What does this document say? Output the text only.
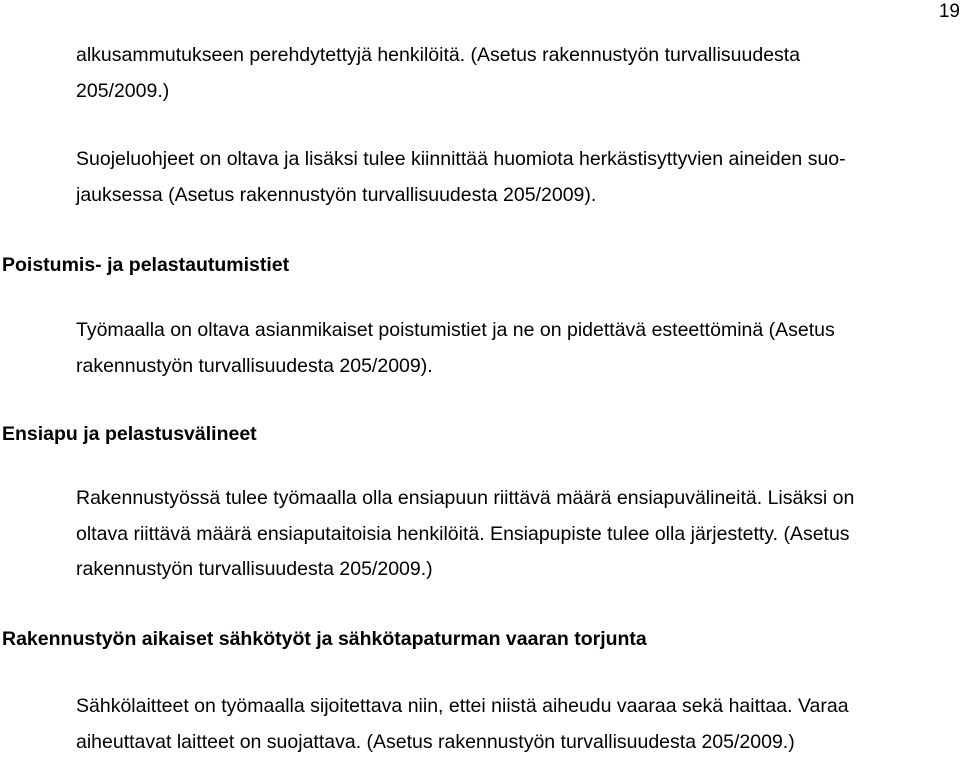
19

alkusammutukseen perehdytettyjä henkilöitä. (Asetus rakennustyön turvallisuudesta
205/2009.)

Suojeluohjeet on oltava ja lisäksi tulee kiinnittää huomiota herkästisyttyvien aineiden suo-
jauksessa (Asetus rakennustyön turvallisuudesta 205/2009).

Poistumis- ja pelastautumistiet

Työmaalla on oltava asianmikaiset poistumistiet ja ne on pidettävä esteettöminä (Asetus
rakennustyön turvallisuudesta 205/2009).

Ensiapu ja pelastusvälineet

Rakennustyössä tulee työmaalla olla ensiapuun riittävä määrä ensiapuvälineitä. Lisäksi on
oltava riittävä määrä ensiaputaitoisia henkilöitä. Ensiapupiste tulee olla järjestetty. (Asetus
rakennustyön turvallisuudesta 205/2009.)

Rakennustyön aikaiset sähkötyöt ja sähkötapaturman vaaran torjunta

Sähkölaitteet on työmaalla sijoitettava niin, ettei niistä aiheudu vaaraa sekä haittaa. Varaa
aiheuttavat laitteet on suojattava. (Asetus rakennustyön turvallisuudesta 205/2009.)
